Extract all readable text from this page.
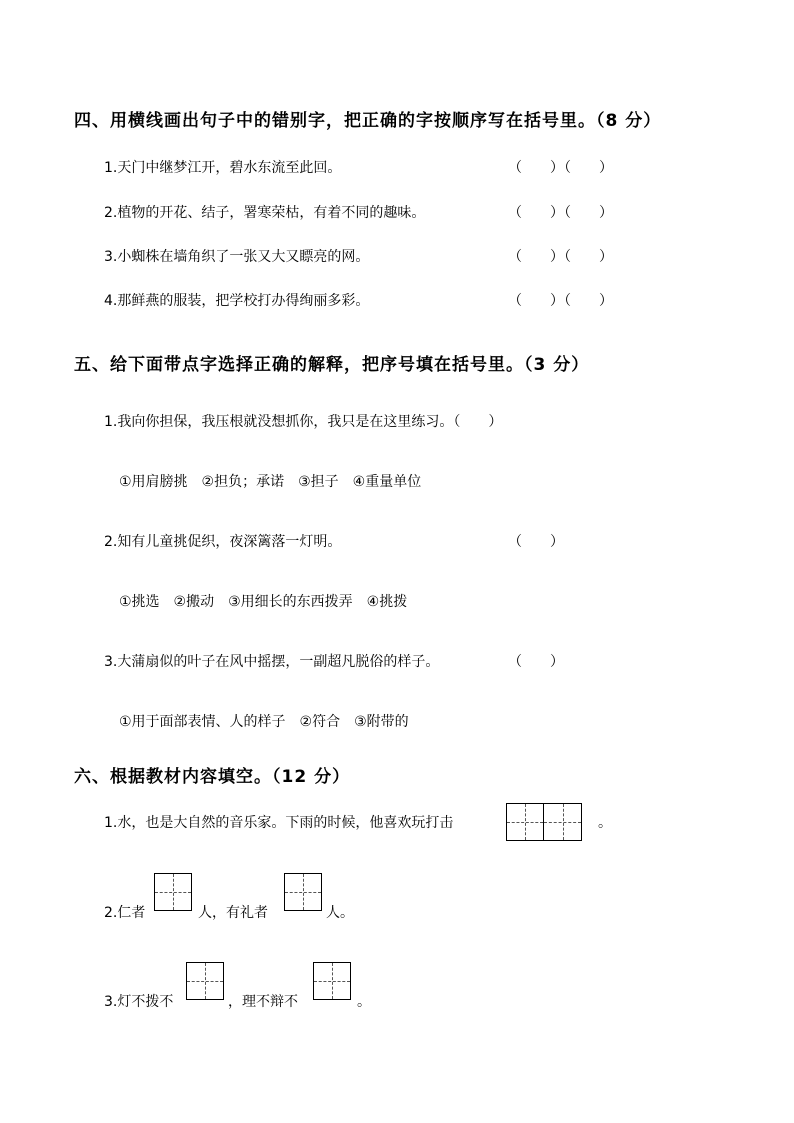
四、用横线画出句子中的错别字，把正确的字按顺序写在括号里。（8 分）
1.天门中继梦江开，碧水东流至此回。	（　　）（　　）
2.植物的开花、结子，署寒荣枯，有着不同的趣味。	（　　）（　　）
3.小蜘株在墙角织了一张又大又瞟亮的网。	（　　）（　　）
4.那鲜燕的服装，把学校打办得绚丽多彩。	（　　）（　　）
五、给下面带点字选择正确的解释，把序号填在括号里。（3 分）
1.我向你担保，我压根就没想抓你，我只是在这里练习。（　　）
①用肩膀挑　②担负；承诺　③担子　④重量单位
2.知有儿童挑促织，夜深篱落一灯明。	（　　）
①挑选　②搬动　③用细长的东西拨弄　④挑拨
3.大蒲扇似的叶子在风中摇摆，一副超凡脱俗的样子。	（　　）
①用于面部表情、人的样子　②符合　③附带的
六、根据教材内容填空。（12 分）
1.水，也是大自然的音乐家。下雨的时候，他喜欢玩打击	。
2.仁者	人，有礼者	人。
3.灯不拨不	，理不辩不	。
